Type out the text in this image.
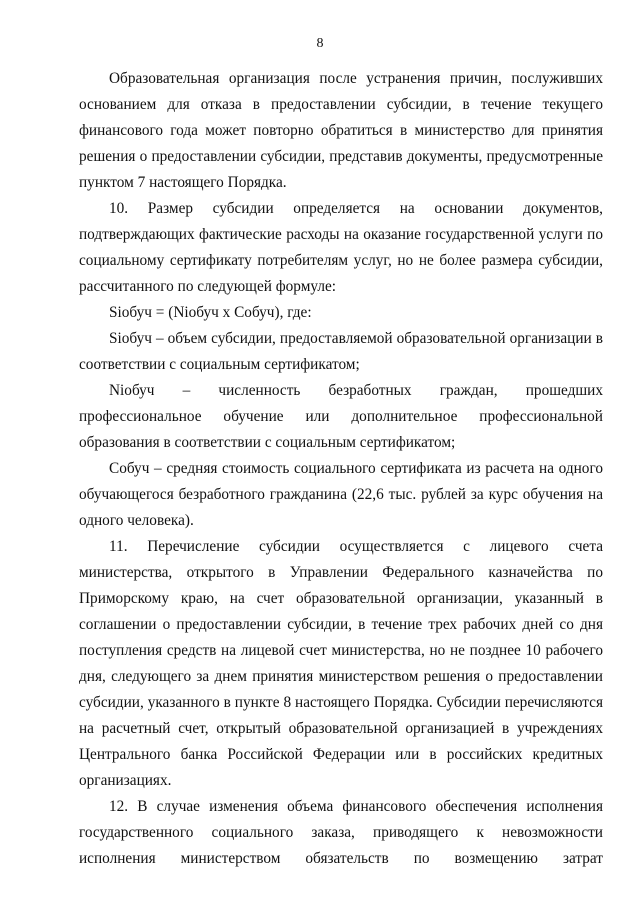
8

Образовательная организация после устранения причин, послуживших основанием для отказа в предоставлении субсидии, в течение текущего финансового года может повторно обратиться в министерство для принятия решения о предоставлении субсидии, представив документы, предусмотренные пунктом 7 настоящего Порядка.

10. Размер субсидии определяется на основании документов, подтверждающих фактические расходы на оказание государственной услуги по социальному сертификату потребителям услуг, но не более размера субсидии, рассчитанного по следующей формуле:

Siобуч = (Niобуч x Cобуч), где:

Siобуч – объем субсидии, предоставляемой образовательной организации в соответствии с социальным сертификатом;

Niобуч – численность безработных граждан, прошедших профессиональное обучение или дополнительное профессиональной образования в соответствии с социальным сертификатом;

Cобуч – средняя стоимость социального сертификата из расчета на одного обучающегося безработного гражданина (22,6 тыс. рублей за курс обучения на одного человека).

11. Перечисление субсидии осуществляется с лицевого счета министерства, открытого в Управлении Федерального казначейства по Приморскому краю, на счет образовательной организации, указанный в соглашении о предоставлении субсидии, в течение трех рабочих дней со дня поступления средств на лицевой счет министерства, но не позднее 10 рабочего дня, следующего за днем принятия министерством решения о предоставлении субсидии, указанного в пункте 8 настоящего Порядка. Субсидии перечисляются на расчетный счет, открытый образовательной организацией в учреждениях Центрального банка Российской Федерации или в российских кредитных организациях.

12. В случае изменения объема финансового обеспечения исполнения государственного социального заказа, приводящего к невозможности исполнения министерством обязательств по возмещению затрат
